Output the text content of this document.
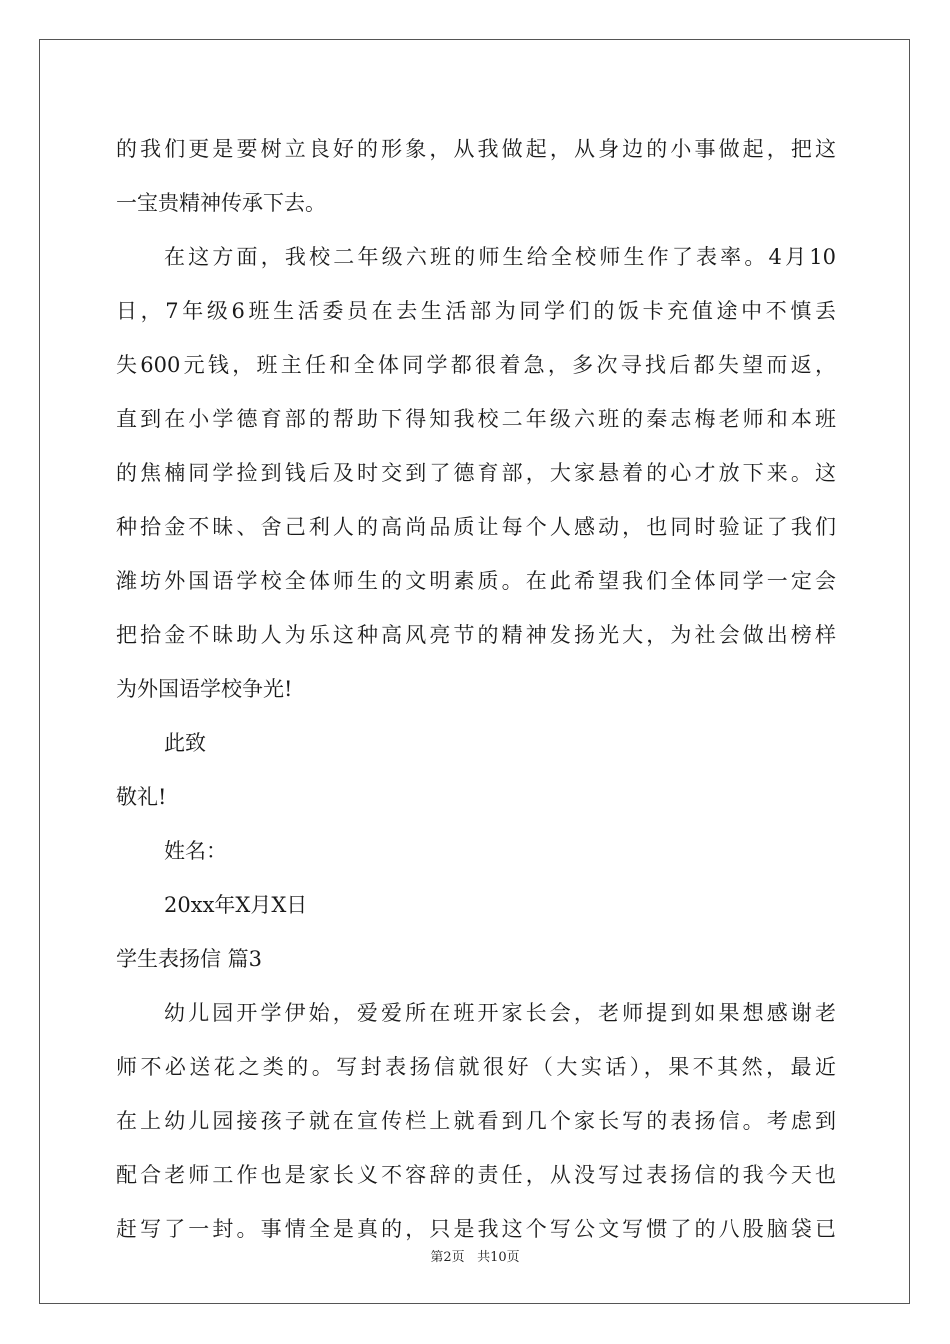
的我们更是要树立良好的形象，从我做起，从身边的小事做起，把这
一宝贵精神传承下去。
在这方面，我校二年级六班的师生给全校师生作了表率。4月10
日，7年级6班生活委员在去生活部为同学们的饭卡充值途中不慎丢
失600元钱，班主任和全体同学都很着急，多次寻找后都失望而返，
直到在小学德育部的帮助下得知我校二年级六班的秦志梅老师和本班
的焦楠同学捡到钱后及时交到了德育部，大家悬着的心才放下来。这
种拾金不昧、舍己利人的高尚品质让每个人感动，也同时验证了我们
潍坊外国语学校全体师生的文明素质。在此希望我们全体同学一定会
把拾金不昧助人为乐这种高风亮节的精神发扬光大，为社会做出榜样
为外国语学校争光!
此致
敬礼!
姓名：
20xx年X月X日
学生表扬信 篇3
幼儿园开学伊始，爱爱所在班开家长会，老师提到如果想感谢老
师不必送花之类的。写封表扬信就很好（大实话），果不其然，最近
在上幼儿园接孩子就在宣传栏上就看到几个家长写的表扬信。考虑到
配合老师工作也是家长义不容辞的责任，从没写过表扬信的我今天也
赶写了一封。事情全是真的，只是我这个写公文写惯了的八股脑袋已
第2页 共10页
